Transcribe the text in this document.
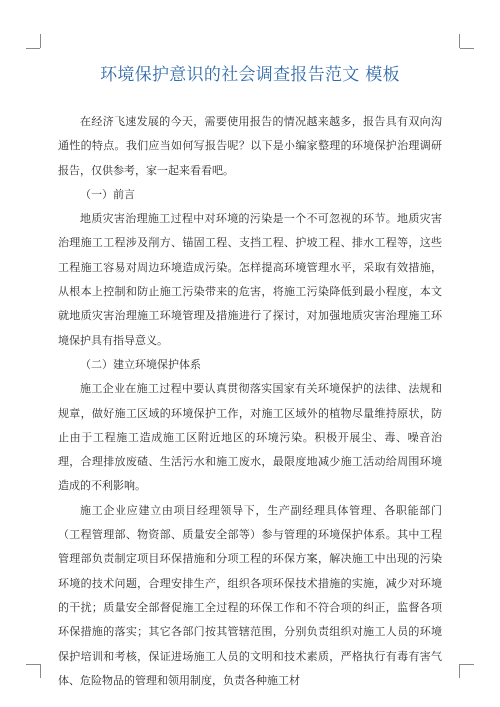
环境保护意识的社会调查报告范文 模板

在经济飞速发展的今天，需要使用报告的情况越来越多，报告具有双向沟通性的特点。我们应当如何写报告呢？以下是小编家整理的环境保护治理调研报告，仅供参考，家一起来看看吧。

（一）前言

地质灾害治理施工过程中对环境的污染是一个不可忽视的环节。地质灾害治理施工工程涉及削方、锚固工程、支挡工程、护坡工程、排水工程等，这些工程施工容易对周边环境造成污染。怎样提高环境管理水平，采取有效措施，从根本上控制和防止施工污染带来的危害，将施工污染降低到最小程度，本文就地质灾害治理施工环境管理及措施进行了探讨，对加强地质灾害治理施工环境保护具有指导意义。

（二）建立环境保护体系

施工企业在施工过程中要认真贯彻落实国家有关环境保护的法律、法规和规章，做好施工区域的环境保护工作，对施工区域外的植物尽量维持原状，防止由于工程施工造成施工区附近地区的环境污染。积极开展尘、毒、噪音治理，合理排放废碴、生活污水和施工废水，最限度地减少施工活动给周围环境造成的不利影响。

施工企业应建立由项目经理领导下，生产副经理具体管理、各职能部门（工程管理部、物资部、质量安全部等）参与管理的环境保护体系。其中工程管理部负责制定项目环保措施和分项工程的环保方案，解决施工中出现的污染环境的技术问题，合理安排生产，组织各项环保技术措施的实施，减少对环境的干扰；质量安全部督促施工全过程的环保工作和不符合项的纠正，监督各项环保措施的落实；其它各部门按其管辖范围，分别负责组织对施工人员的环境保护培训和考核，保证进场施工人员的文明和技术素质，严格执行有毒有害气体、危险物品的管理和领用制度，负责各种施工材
